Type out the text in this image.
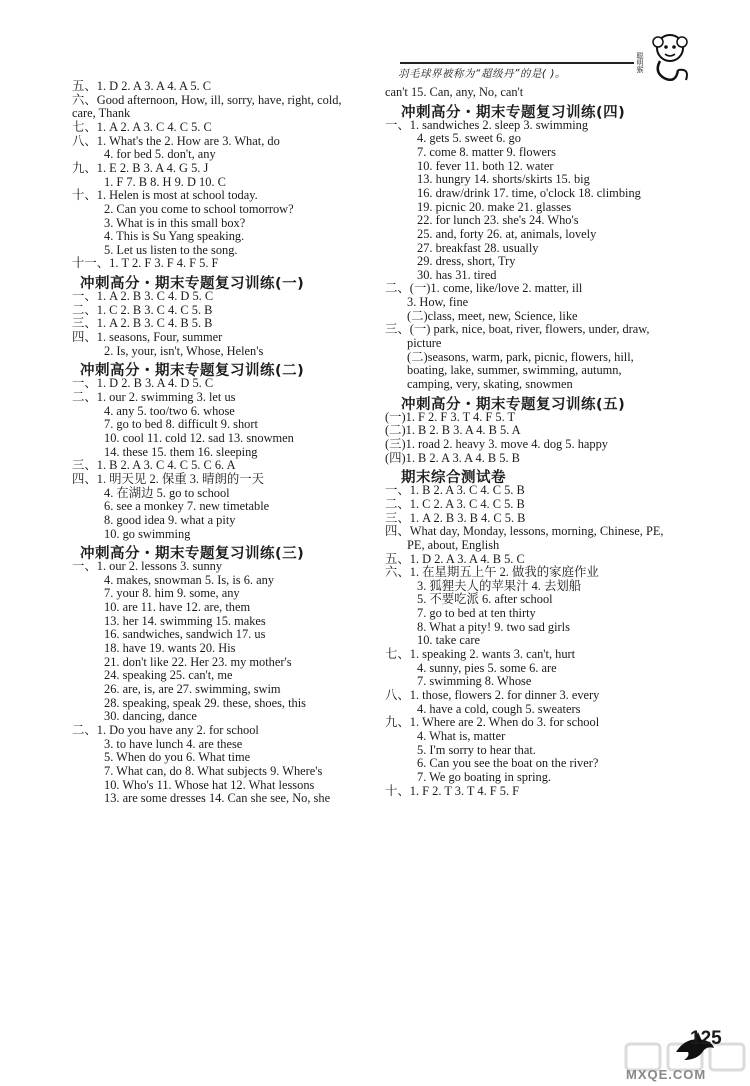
羽毛球界被称为“超级丹”的是( )。
聪明猴
五、1. D 2. A 3. A 4. A 5. C
六、Good afternoon, How, ill, sorry, have, right, cold,
care, Thank
七、1. A 2. A 3. C 4. C 5. C
八、1. What's the 2. How are 3. What, do
4. for bed 5. don't, any
九、1. E 2. B 3. A 4. G 5. J
1. F 7. B 8. H 9. D 10. C
十、1. Helen is most at school today.
2. Can you come to school tomorrow?
3. What is in this small box?
4. This is Su Yang speaking.
5. Let us listen to the song.
十一、1. T 2. F 3. F 4. F 5. F
冲刺高分・期末专题复习训练(一)
一、1. A 2. B 3. C 4. D 5. C
二、1. C 2. B 3. C 4. C 5. B
三、1. A 2. B 3. C 4. B 5. B
四、1. seasons, Four, summer
2. Is, your, isn't, Whose, Helen's
冲刺高分・期末专题复习训练(二)
一、1. D 2. B 3. A 4. D 5. C
二、1. our 2. swimming 3. let us
4. any 5. too/two 6. whose
7. go to bed 8. difficult 9. short
10. cool 11. cold 12. sad 13. snowmen
14. these 15. them 16. sleeping
三、1. B 2. A 3. C 4. C 5. C 6. A
四、1. 明天见 2. 保重 3. 晴朗的一天
4. 在湖边 5. go to school
6. see a monkey 7. new timetable
8. good idea 9. what a pity
10. go swimming
冲刺高分・期末专题复习训练(三)
一、1. our 2. lessons 3. sunny
4. makes, snowman 5. Is, is 6. any
7. your 8. him 9. some, any
10. are 11. have 12. are, them
13. her 14. swimming 15. makes
16. sandwiches, sandwich 17. us
18. have 19. wants 20. His
21. don't like 22. Her 23. my mother's
24. speaking 25. can't, me
26. are, is, are 27. swimming, swim
28. speaking, speak 29. these, shoes, this
30. dancing, dance
二、1. Do you have any 2. for school
3. to have lunch 4. are these
5. When do you 6. What time
7. What can, do 8. What subjects 9. Where's
10. Who's 11. Whose hat 12. What lessons
13. are some dresses 14. Can she see, No, she
can't 15. Can, any, No, can't
冲刺高分・期末专题复习训练(四)
一、1. sandwiches 2. sleep 3. swimming
4. gets 5. sweet 6. go
7. come 8. matter 9. flowers
10. fever 11. both 12. water
13. hungry 14. shorts/skirts 15. big
16. draw/drink 17. time, o'clock 18. climbing
19. picnic 20. make 21. glasses
22. for lunch 23. she's 24. Who's
25. and, forty 26. at, animals, lovely
27. breakfast 28. usually
29. dress, short, Try
30. has 31. tired
二、(一)1. come, like/love 2. matter, ill
3. How, fine
(二)class, meet, new, Science, like
三、(一) park, nice, boat, river, flowers, under, draw,
picture
(二)seasons, warm, park, picnic, flowers, hill,
boating, lake, summer, swimming, autumn,
camping, very, skating, snowmen
冲刺高分・期末专题复习训练(五)
(一)1. F 2. F 3. T 4. F 5. T
(二)1. B 2. B 3. A 4. B 5. A
(三)1. road 2. heavy 3. move 4. dog 5. happy
(四)1. B 2. A 3. A 4. B 5. B
期末综合测试卷
一、1. B 2. A 3. C 4. C 5. B
二、1. C 2. A 3. C 4. C 5. B
三、1. A 2. B 3. B 4. C 5. B
四、What day, Monday, lessons, morning, Chinese, PE,
PE, about, English
五、1. D 2. A 3. A 4. B 5. C
六、1. 在星期五上午 2. 做我的家庭作业
3. 狐狸夫人的苹果汁 4. 去划船
5. 不要吃派 6. after school
7. go to bed at ten thirty
8. What a pity! 9. two sad girls
10. take care
七、1. speaking 2. wants 3. can't, hurt
4. sunny, pies 5. some 6. are
7. swimming 8. Whose
八、1. those, flowers 2. for dinner 3. every
4. have a cold, cough 5. sweaters
九、1. Where are 2. When do 3. for school
4. What is, matter
5. I'm sorry to hear that.
6. Can you see the boat on the river?
7. We go boating in spring.
十、1. F 2. T 3. T 4. F 5. F
MXQE.COM
125
